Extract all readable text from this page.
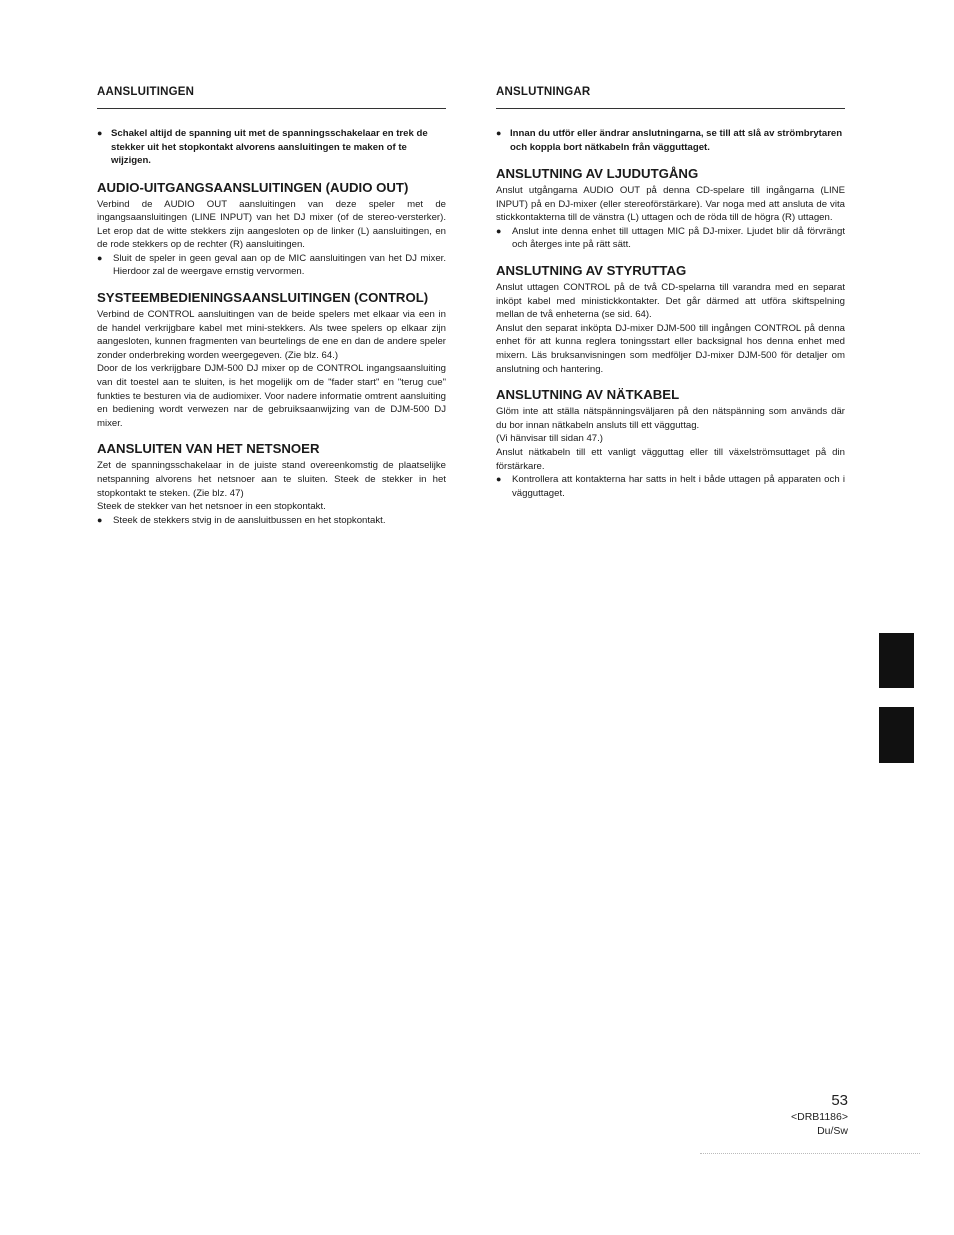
AANSLUITINGEN
● Schakel altijd de spanning uit met de spanningsschakelaar en trek de stekker uit het stopkontakt alvorens aansluitingen te maken of te wijzigen.
AUDIO-UITGANGSAANSLUITINGEN (AUDIO OUT)

Verbind de AUDIO OUT aansluitingen van deze speler met de ingangsaansluitingen (LINE INPUT) van het DJ mixer (of de stereo-versterker). Let erop dat de witte stekkers zijn aangesloten op de linker (L) aansluitingen, en de rode stekkers op de rechter (R) aansluitingen.

● Sluit de speler in geen geval aan op de MIC aansluitingen van het DJ mixer. Hierdoor zal de weergave ernstig vervormen.
SYSTEEMBEDIENINGSAANSLUITINGEN (CONTROL)

Verbind de CONTROL aansluitingen van de beide spelers met elkaar via een in de handel verkrijgbare kabel met mini-stekkers. Als twee spelers op elkaar zijn aangesloten, kunnen fragmenten van beurtelings de ene en dan de andere speler zonder onderbreking worden weergegeven. (Zie blz. 64.)

Door de los verkrijgbare DJM-500 DJ mixer op de CONTROL ingangsaansluiting van dit toestel aan te sluiten, is het mogelijk om de "fader start" en "terug cue" funkties te besturen via de audiomixer. Voor nadere informatie omtrent aansluiting en bediening wordt verwezen nar de gebruiksaanwijzing van de DJM-500 DJ mixer.

AANSLUITEN VAN HET NETSNOER

Zet de spanningsschakelaar in de juiste stand overeenkomstig de plaatselijke netspanning alvorens het netsnoer aan te sluiten. Steek de stekker in het stopkontakt te steken. (Zie blz. 47)

Steek de stekker van het netsnoer in een stopkontakt.

● Steek de stekkers stvig in de aansluitbussen en het stopkontakt.
ANSLUTNINGAR
● Innan du utför eller ändrar anslutningarna, se till att slå av strömbrytaren och koppla bort nätkabeln från vägguttaget.
ANSLUTNING AV LJUDUTGÅNG

Anslut utgångarna AUDIO OUT på denna CD-spelare till ingångarna (LINE INPUT) på en DJ-mixer (eller stereoförstärkare). Var noga med att ansluta de vita stickkontakterna till de vänstra (L) uttagen och de röda till de högra (R) uttagen.

● Anslut inte denna enhet till uttagen MIC på DJ-mixer. Ljudet blir då förvrängt och återges inte på rätt sätt.
ANSLUTNING AV STYRUTTAG

Anslut uttagen CONTROL på de två CD-spelarna till varandra med en separat inköpt kabel med ministickkontakter. Det går därmed att utföra skiftspelning mellan de två enheterna (se sid. 64).

Anslut den separat inköpta DJ-mixer DJM-500 till ingången CONTROL på denna enhet för att kunna reglera toningsstart eller backsignal hos denna enhet med mixern. Läs bruksanvisningen som medföljer DJ-mixer DJM-500 för detaljer om anslutning och hantering.

ANSLUTNING AV NÄTKABEL

Glöm inte att ställa nätspänningsväljaren på den nätspänning som används där du bor innan nätkabeln ansluts till ett vägguttag.

(Vi hänvisar till sidan 47.)

Anslut nätkabeln till ett vanligt vägguttag eller till växelströmsuttaget på din förstärkare.

● Kontrollera att kontakterna har satts in helt i både uttagen på apparaten och i vägguttaget.
53
<DRB1186>
Du/Sw
